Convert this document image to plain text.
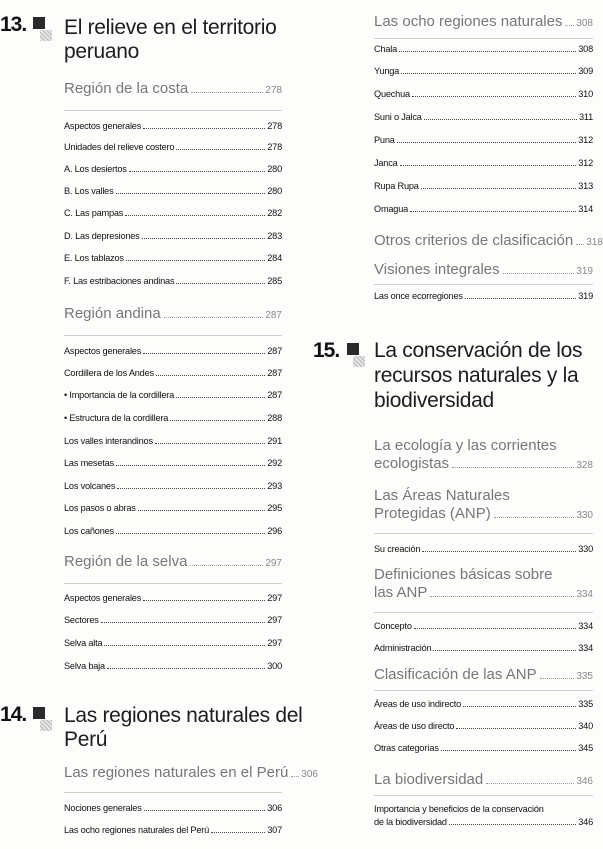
13. El relieve en el territorio
peruano
Región de la costa	278
Aspectos generales	278
Unidades del relieve costero	278
A. Los desiertos	280
B. Los valles	280
C. Las pampas	282
D. Las depresiones	283
E. Los tablazos	284
F. Las estribaciones andinas	285
Región andina	287
Aspectos generales	287
Cordillera de los Andes	287
• Importancia de la cordillera	287
• Estructura de la cordillera	288
Los valles interandinos	291
Las mesetas	292
Los volcanes	293
Los pasos o abras	295
Los cañones	296
Región de la selva	297
Aspectos generales	297
Sectores	297
Selva alta	297
Selva baja	300
14. Las regiones naturales del
Perú
Las regiones naturales en el Perú 306
Nociones generales	306
Las ocho regiones naturales del Perú	307
Las ocho regiones naturales 308
Chala	308
Yunga	309
Quechua	310
Suni o Jalca	311
Puna	312
Janca	312
Rupa Rupa	313
Omagua	314
Otros criterios de clasificación 318
Visiones integrales	319
Las once ecorregiones	319
15. La conservación de los
recursos naturales y la
biodiversidad
La ecología y las corrientes
ecologistas	328
Las Áreas Naturales
Protegidas (ANP)	330
Su creación	330
Definiciones básicas sobre
las ANP	334
Concepto	334
Administración	334
Clasificación de las ANP	335
Áreas de uso indirecto	335
Áreas de uso directo	340
Otras categorías	345
La biodiversidad	346
Importancia y beneficios de la conservación
de la biodiversidad	346
